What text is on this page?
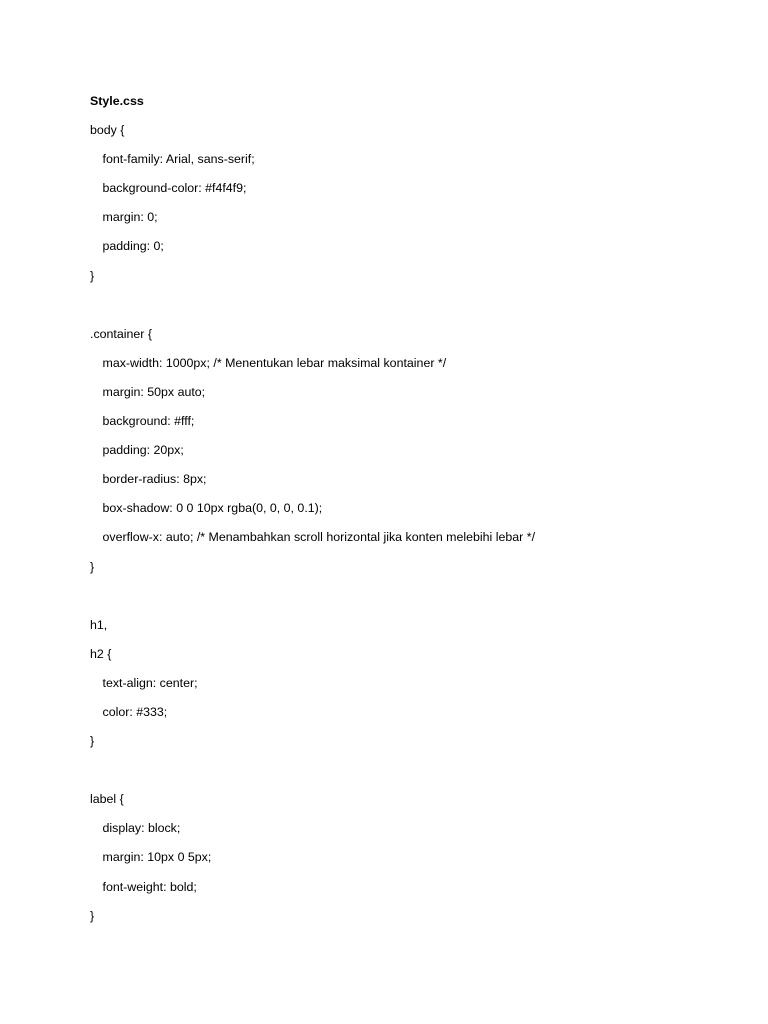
Style.css
body {
font-family: Arial, sans-serif;
background-color: #f4f4f9;
margin: 0;
padding: 0;
}
.container {
max-width: 1000px; /* Menentukan lebar maksimal kontainer */
margin: 50px auto;
background: #fff;
padding: 20px;
border-radius: 8px;
box-shadow: 0 0 10px rgba(0, 0, 0, 0.1);
overflow-x: auto; /* Menambahkan scroll horizontal jika konten melebihi lebar */
}
h1,
h2 {
text-align: center;
color: #333;
}
label {
display: block;
margin: 10px 0 5px;
font-weight: bold;
}
